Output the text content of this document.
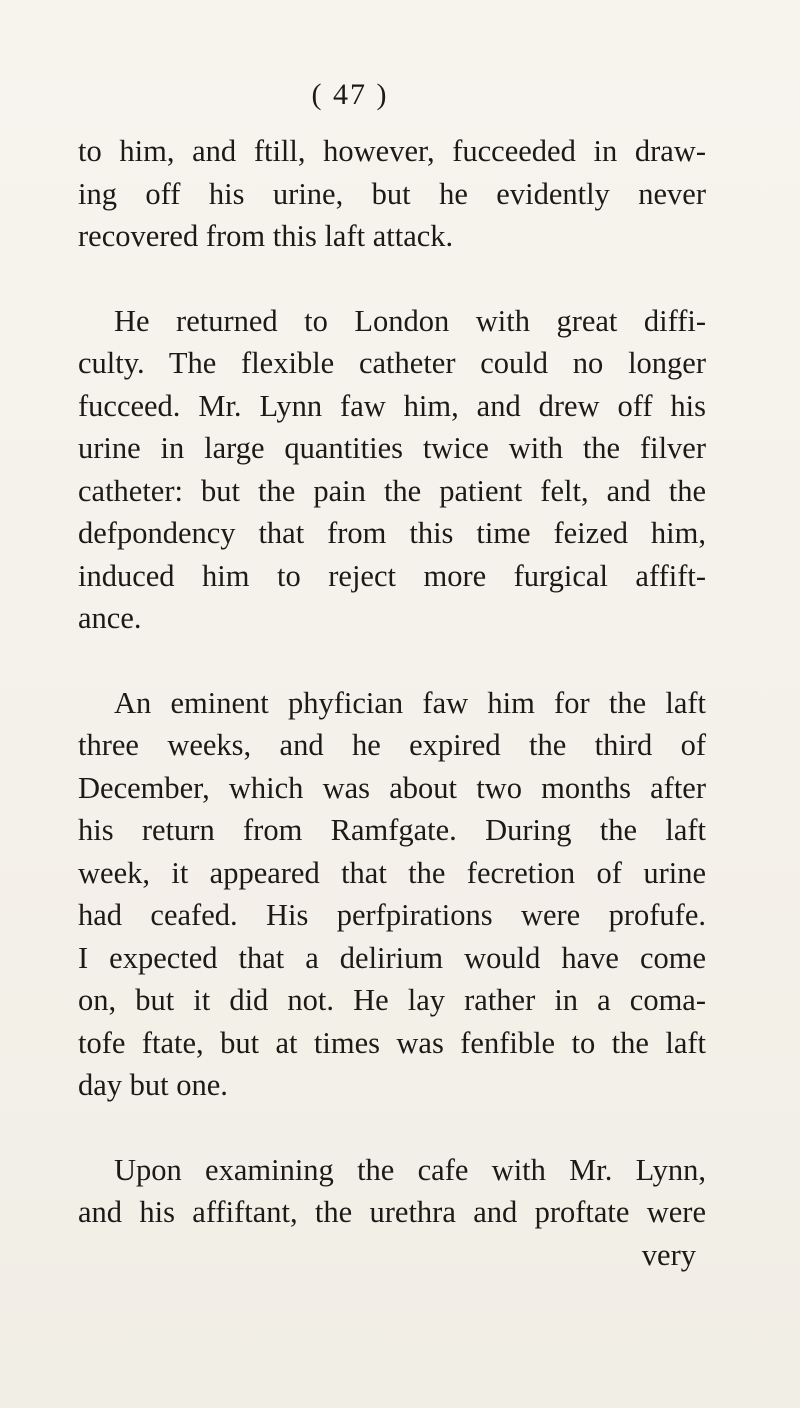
( 47 )
to him, and ftill, however, fucceeded in draw-
ing off his urine, but he evidently never
recovered from this laft attack.
He returned to London with great diffi-
culty. The flexible catheter could no longer
fucceed. Mr. Lynn faw him, and drew off his
urine in large quantities twice with the filver
catheter: but the pain the patient felt, and the
defpondency that from this time feized him,
induced him to reject more furgical affift-
ance.
An eminent phyfician faw him for the laft
three weeks, and he expired the third of
December, which was about two months after
his return from Ramfgate. During the laft
week, it appeared that the fecretion of urine
had ceafed. His perfpirations were profufe.
I expected that a delirium would have come
on, but it did not. He lay rather in a coma-
tofe ftate, but at times was fenfible to the laft
day but one.
Upon examining the cafe with Mr. Lynn,
and his affiftant, the urethra and proftate were
very
